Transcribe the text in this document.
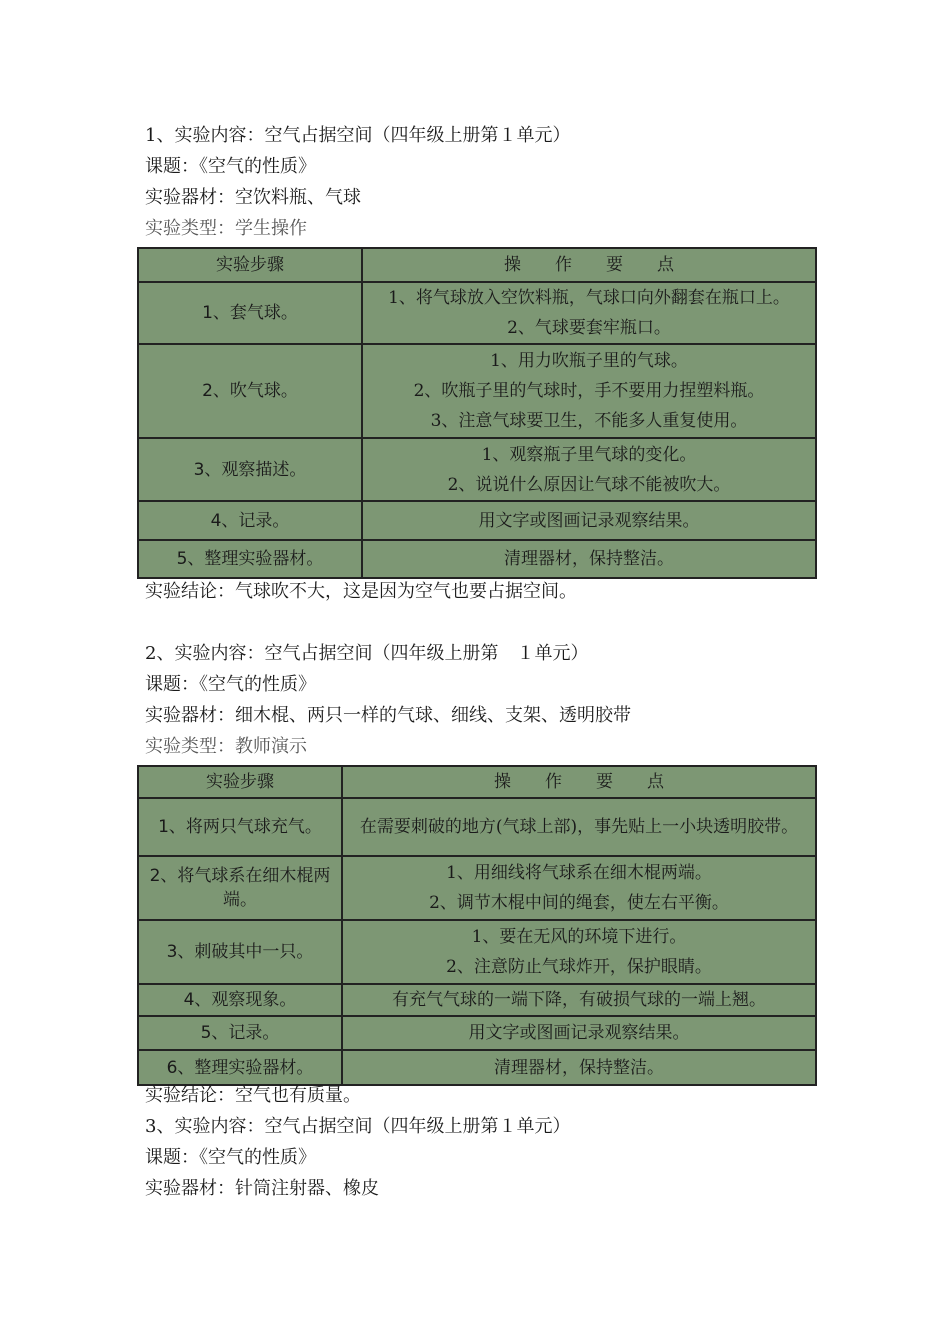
1、实验内容：空气占据空间（四年级上册第１单元）
课题：《空气的性质》
实验器材：空饮料瓶、气球
实验类型：学生操作
实验步骤	操　　作　　要　　点
1、套气球。	1、将气球放入空饮料瓶，气球口向外翻套在瓶口上。
2、气球要套牢瓶口。

2、吹气球。	1、用力吹瓶子里的气球。
2、吹瓶子里的气球时，手不要用力捏塑料瓶。
3、注意气球要卫生，不能多人重复使用。

3、观察描述。	1、观察瓶子里气球的变化。
2、说说什么原因让气球不能被吹大。

4、记录。	用文字或图画记录观察结果。
5、整理实验器材。	清理器材，保持整洁。
实验结论：气球吹不大，这是因为空气也要占据空间。
2、实验内容：空气占据空间（四年级上册第　１单元）
课题：《空气的性质》
实验器材：细木棍、两只一样的气球、细线、支架、透明胶带
实验类型：教师演示
实验步骤	操　　作　　要　　点
1、将两只气球充气。	在需要刺破的地方(气球上部)，事先贴上一小块透明胶带。
2、将气球系在细木棍两端。	1、用细线将气球系在细木棍两端。
2、调节木棍中间的绳套，使左右平衡。

3、刺破其中一只。	1、要在无风的环境下进行。
2、注意防止气球炸开，保护眼睛。

4、观察现象。	有充气气球的一端下降，有破损气球的一端上翘。
5、记录。	用文字或图画记录观察结果。
6、整理实验器材。	清理器材，保持整洁。
实验结论：空气也有质量。
3、实验内容：空气占据空间（四年级上册第１单元）
课题：《空气的性质》
实验器材：针筒注射器、橡皮
